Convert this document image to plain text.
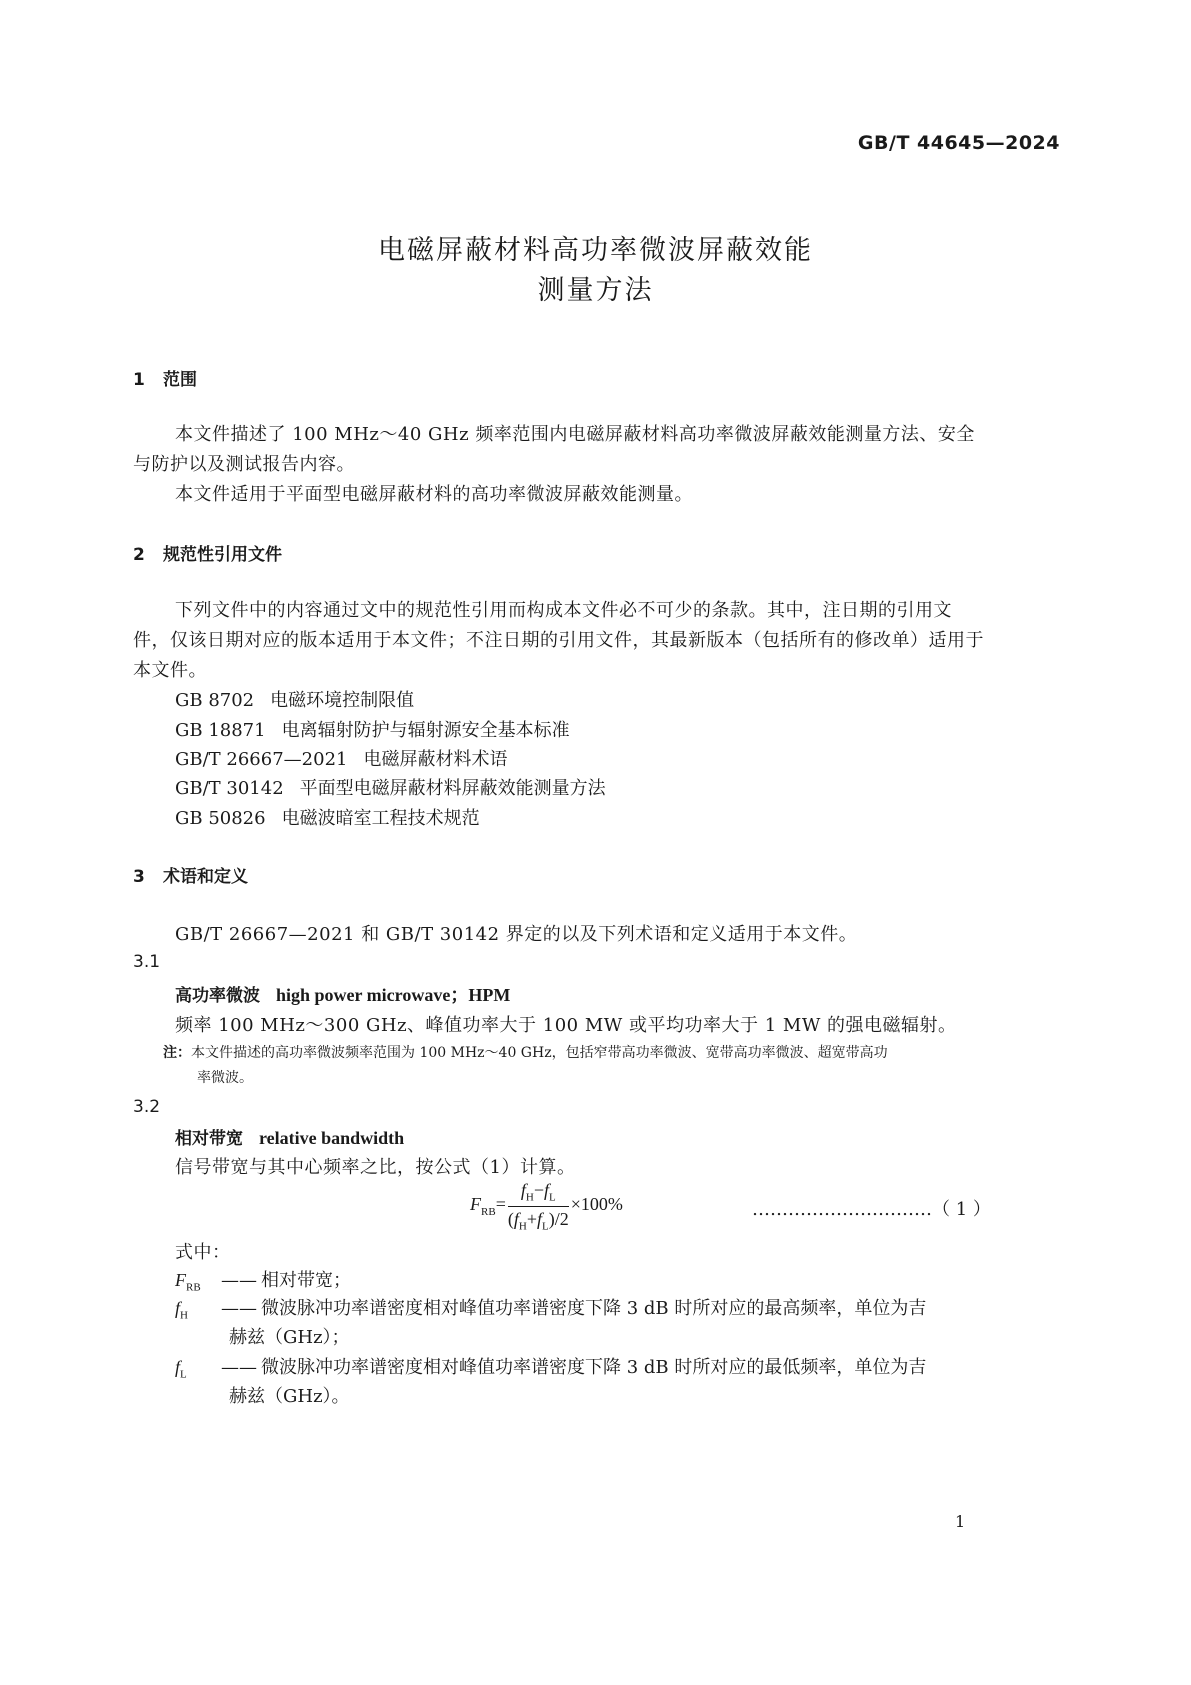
GB/T 44645—2024
电磁屏蔽材料高功率微波屏蔽效能
测量方法
1 范围
本文件描述了 100 MHz～40 GHz 频率范围内电磁屏蔽材料高功率微波屏蔽效能测量方法、安全
与防护以及测试报告内容。
本文件适用于平面型电磁屏蔽材料的高功率微波屏蔽效能测量。
2 规范性引用文件
下列文件中的内容通过文中的规范性引用而构成本文件必不可少的条款。其中，注日期的引用文
件，仅该日期对应的版本适用于本文件；不注日期的引用文件，其最新版本（包括所有的修改单）适用于
本文件。
GB 8702 电磁环境控制限值
GB 18871 电离辐射防护与辐射源安全基本标准
GB/T 26667—2021 电磁屏蔽材料术语
GB/T 30142 平面型电磁屏蔽材料屏蔽效能测量方法
GB 50826 电磁波暗室工程技术规范
3 术语和定义
GB/T 26667—2021 和 GB/T 30142 界定的以及下列术语和定义适用于本文件。
3.1
高功率微波 high power microwave；HPM
频率 100 MHz～300 GHz、峰值功率大于 100 MW 或平均功率大于 1 MW 的强电磁辐射。
注：本文件描述的高功率微波频率范围为 100 MHz～40 GHz，包括窄带高功率微波、宽带高功率微波、超宽带高功
率微波。
3.2
相对带宽 relative bandwidth
信号带宽与其中心频率之比，按公式（1）计算。
$F_{RB}= \frac{f_H-f_L}{(f_H+f_L)/2} \times 100\%$	…………………………（ 1 ）
式中：
$F_{RB}$ —— 相对带宽；
$f_H$ —— 微波脉冲功率谱密度相对峰值功率谱密度下降 3 dB 时所对应的最高频率，单位为吉
赫兹（GHz）；
$f_L$ —— 微波脉冲功率谱密度相对峰值功率谱密度下降 3 dB 时所对应的最低频率，单位为吉
赫兹（GHz）。
1
